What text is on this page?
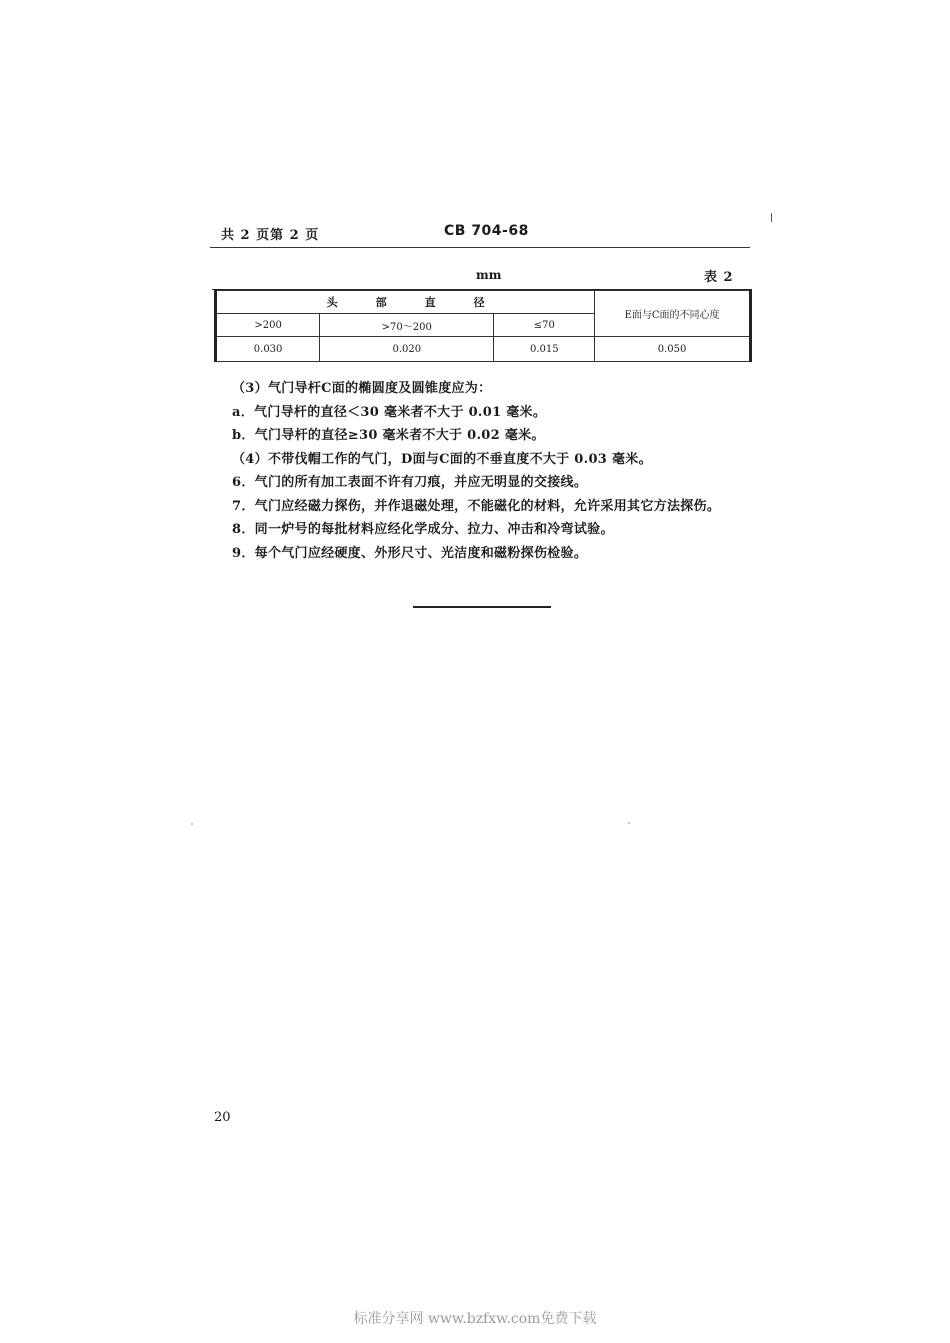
共 2 页第 2 页	CB 704-68
mm	表 2
头部直径			E面与C面的不同心度
>200	>70～200	≤70	
0.030	0.020	0.015	0.050
（3）气门导杆C面的椭圆度及圆锥度应为：
a．气门导杆的直径＜30 毫米者不大于 0.01 毫米。
b．气门导杆的直径≥30 毫米者不大于 0.02 毫米。
（4）不带伐帽工作的气门，D面与C面的不垂直度不大于 0.03 毫米。
6．气门的所有加工表面不许有刀痕，并应无明显的交接线。
7．气门应经磁力探伤，并作退磁处理，不能磁化的材料，允许采用其它方法探伤。
8．同一炉号的每批材料应经化学成分、拉力、冲击和冷弯试验。
9．每个气门应经硬度、外形尺寸、光洁度和磁粉探伤检验。
20
标准分享网 www.bzfxw.com免费下载
